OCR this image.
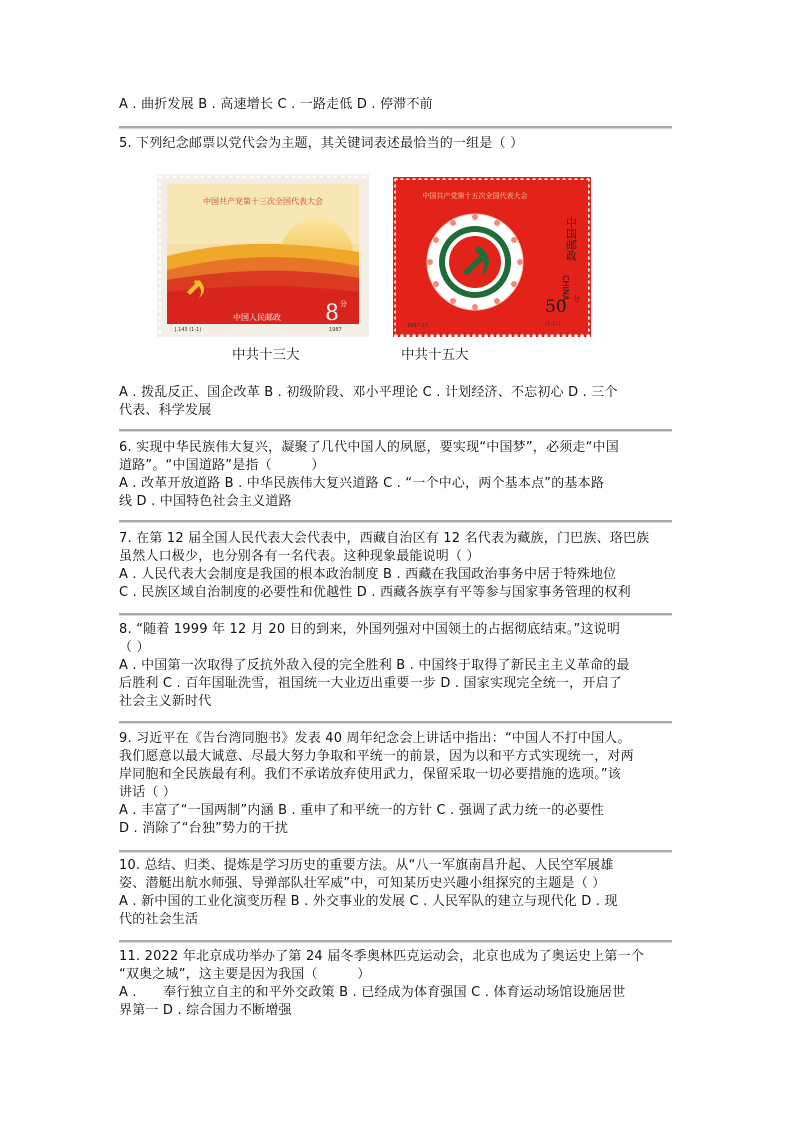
A . 曲折发展 B . 高速增长 C . 一路走低 D . 停滞不前
5. 下列纪念邮票以党代会为主题，其关键词表述最恰当的一组是（ ）
中国共产党第十三次全国代表大会
中国人民邮政 8 分
J.143 (1-1)	1987
中国共产党第十五次全国代表大会
中国邮政
CHINA
50 分
1997-13	(1-1) J
中共十三大	中共十五大
A . 拨乱反正、国企改革 B . 初级阶段、邓小平理论 C . 计划经济、不忘初心 D . 三个
代表、科学发展
6. 实现中华民族伟大复兴，凝聚了几代中国人的夙愿，要实现“中国梦”，必须走“中国
道路”。“中国道路”是指（　　　）
A . 改革开放道路 B . 中华民族伟大复兴道路 C . “一个中心，两个基本点”的基本路
线 D . 中国特色社会主义道路
7. 在第 12 届全国人民代表大会代表中，西藏自治区有 12 名代表为藏族，门巴族、珞巴族
虽然人口极少，也分别各有一名代表。这种现象最能说明（ ）
A . 人民代表大会制度是我国的根本政治制度 B . 西藏在我国政治事务中居于特殊地位
C . 民族区域自治制度的必要性和优越性 D . 西藏各族享有平等参与国家事务管理的权利
8. “随着 1999 年 12 月 20 日的到来，外国列强对中国领土的占据彻底结束。”这说明
（ ）
A . 中国第一次取得了反抗外敌入侵的完全胜利 B . 中国终于取得了新民主主义革命的最
后胜利 C . 百年国耻洗雪，祖国统一大业迈出重要一步 D . 国家实现完全统一，开启了
社会主义新时代
9. 习近平在《告台湾同胞书》发表 40 周年纪念会上讲话中指出：“中国人不打中国人。
我们愿意以最大诚意、尽最大努力争取和平统一的前景，因为以和平方式实现统一，对两
岸同胞和全民族最有利。我们不承诺放弃使用武力，保留采取一切必要措施的选项。”该
讲话（ ）
A . 丰富了“一国两制”内涵 B . 重申了和平统一的方针 C . 强调了武力统一的必要性
D . 消除了“台独”势力的干扰
10. 总结、归类、提炼是学习历史的重要方法。从“八一军旗南昌升起、人民空军展雄
姿、潜艇出航水师强、导弹部队壮军威”中，可知某历史兴趣小组探究的主题是（ ）
A . 新中国的工业化演变历程 B . 外交事业的发展 C . 人民军队的建立与现代化 D . 现
代的社会生活
11. 2022 年北京成功举办了第 24 届冬季奥林匹克运动会，北京也成为了奥运史上第一个
“双奥之城”，这主要是因为我国（　　　）
A .　　奉行独立自主的和平外交政策 B . 已经成为体育强国 C . 体育运动场馆设施居世
界第一 D . 综合国力不断增强
